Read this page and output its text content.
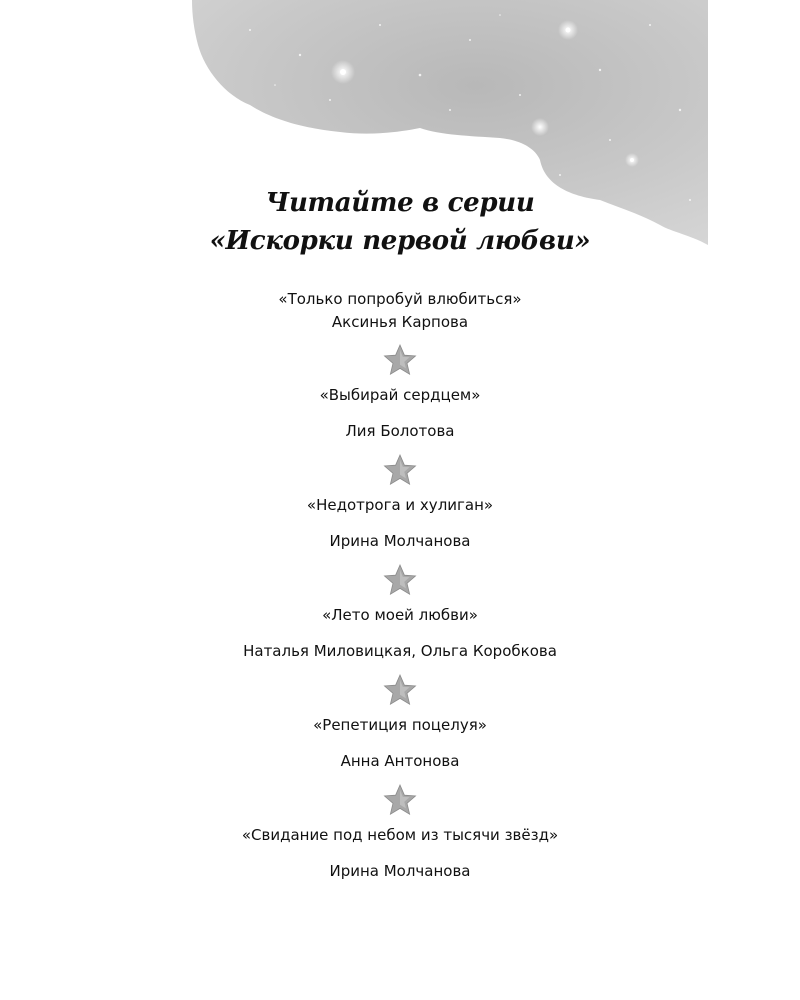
Читайте в серии
«Искорки первой любви»
«Только попробуй влюбиться»
Аксинья Карпова
«Выбирай сердцем»
Лия Болотова
«Недотрога и хулиган»
Ирина Молчанова
«Лето моей любви»
Наталья Миловицкая, Ольга Коробкова
«Репетиция поцелуя»
Анна Антонова
«Свидание под небом из тысячи звёзд»
Ирина Молчанова
